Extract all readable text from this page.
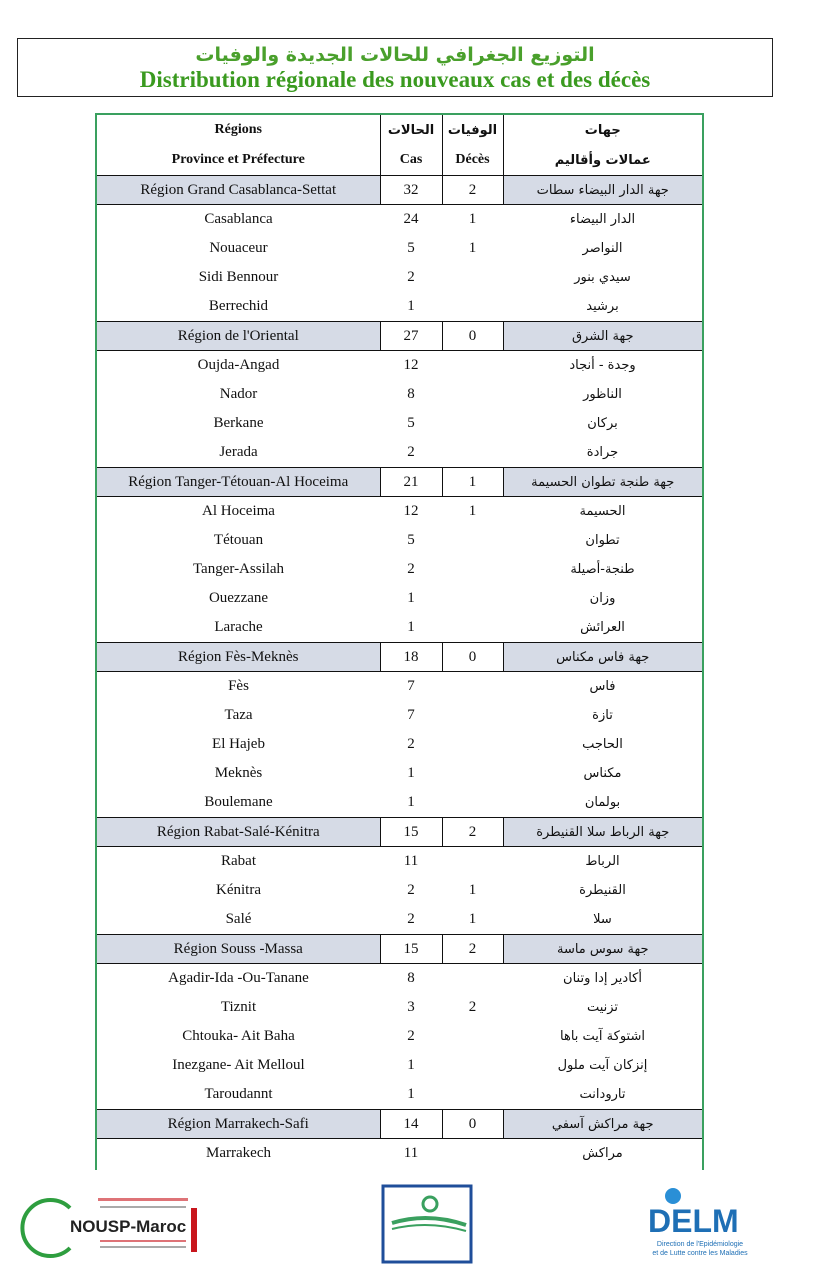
التوزيع الجغرافي للحالات الجديدة والوفيات
Distribution régionale des nouveaux cas et des décès
Régions	الحالات	الوفيات	جهات
Province et Préfecture	Cas	Décès	عمالات وأقاليم
Région Grand Casablanca-Settat	32	2	جهة الدار البيضاء سطات
Casablanca	24	1	الدار البيضاء
Nouaceur	5	1	النواصر
Sidi Bennour	2		سيدي بنور
Berrechid	1		برشيد
Région de l'Oriental	27	0	جهة الشرق
Oujda-Angad	12		وجدة - أنجاد
Nador	8		الناظور
Berkane	5		بركان
Jerada	2		جرادة
Région Tanger-Tétouan-Al Hoceima	21	1	جهة طنجة تطوان الحسيمة
Al Hoceima	12	1	الحسيمة
Tétouan	5		تطوان
Tanger-Assilah	2		طنجة-أصيلة
Ouezzane	1		وزان
Larache	1		العرائش
Région Fès-Meknès	18	0	جهة فاس مكناس
Fès	7		فاس
Taza	7		تازة
El Hajeb	2		الحاجب
Meknès	1		مكناس
Boulemane	1		بولمان
Région Rabat-Salé-Kénitra	15	2	جهة الرباط سلا القنيطرة
Rabat	11		الرباط
Kénitra	2	1	القنيطرة
Salé	2	1	سلا
Région Souss -Massa	15	2	جهة سوس ماسة
Agadir-Ida -Ou-Tanane	8		أكادير إدا وتنان
Tiznit	3	2	تزنيت
Chtouka- Ait Baha	2		اشتوكة آيت باها
Inezgane- Ait Melloul	1		إنزكان آيت ملول
Taroudannt	1		تارودانت
Région Marrakech-Safi	14	0	جهة مراكش آسفي
Marrakech	11		مراكش
NOUSP-Maroc	DELM
Direction de l'Epidémiologie
et de Lutte contre les Maladies
